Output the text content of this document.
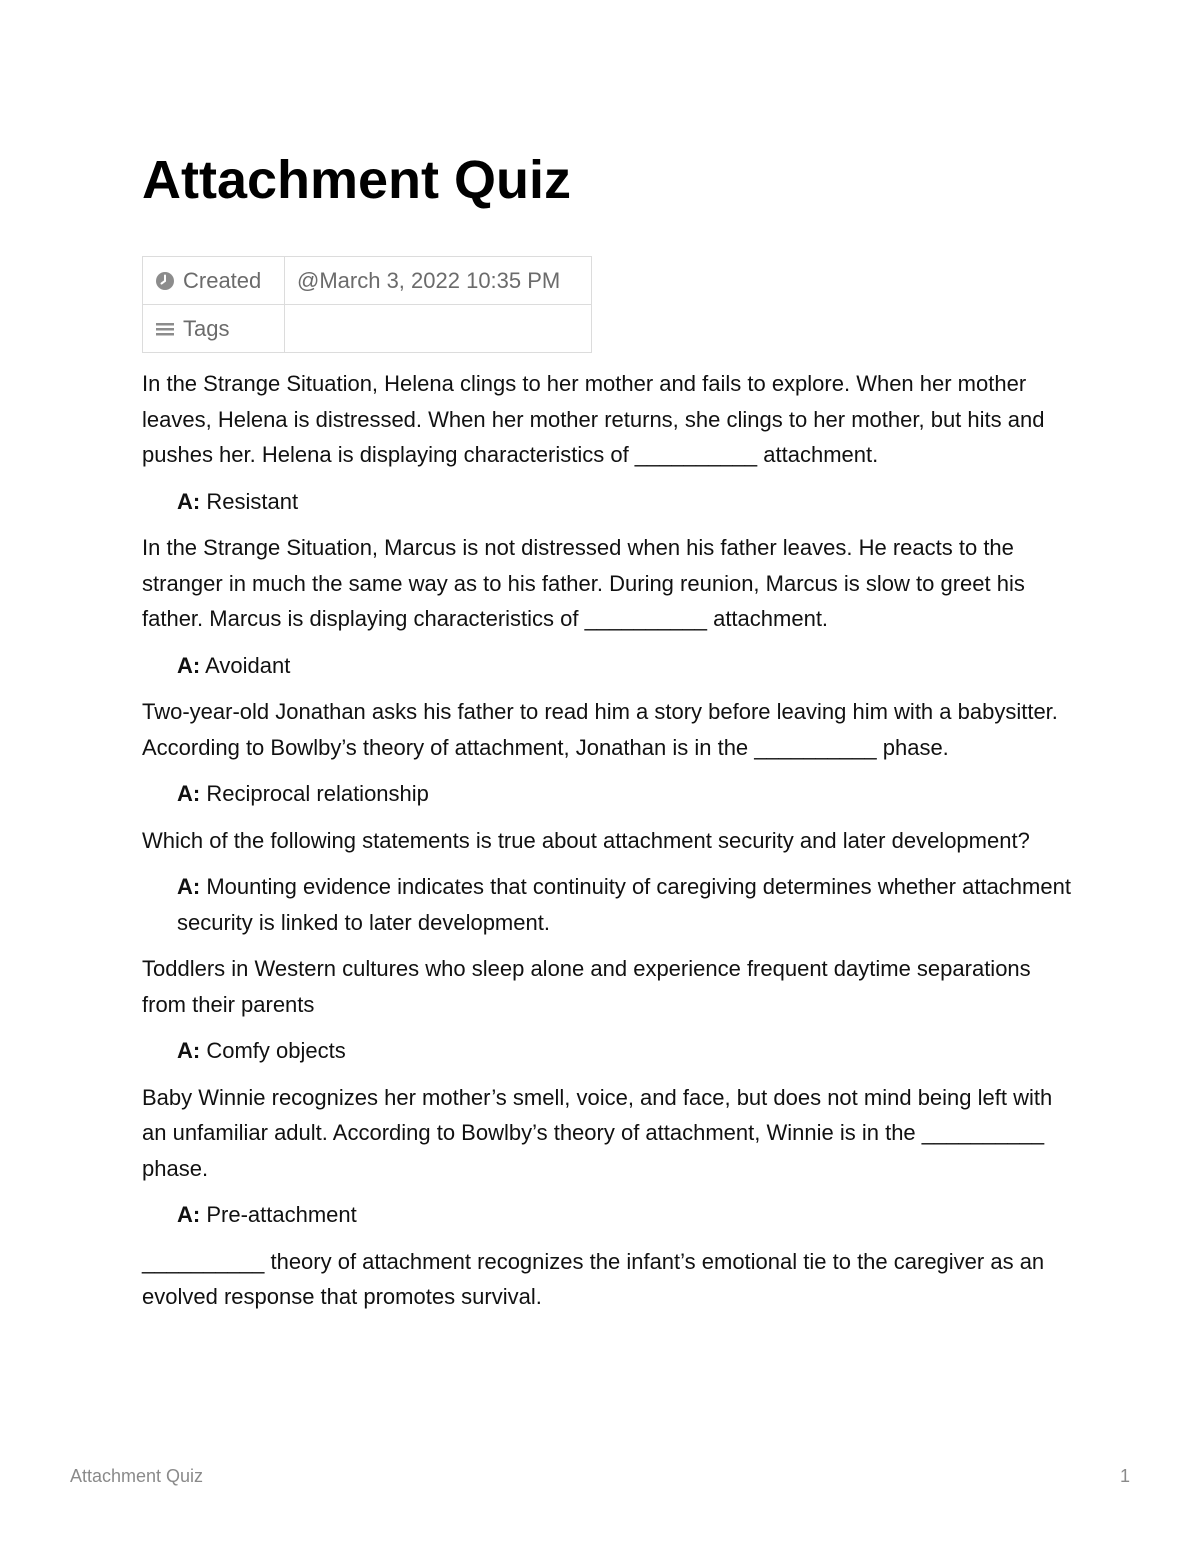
Attachment Quiz
Created	@March 3, 2022 10:35 PM
Tags	

In the Strange Situation, Helena clings to her mother and fails to explore. When her mother leaves, Helena is distressed. When her mother returns, she clings to her mother, but hits and pushes her. Helena is displaying characteristics of __________ attachment.

A: Resistant

In the Strange Situation, Marcus is not distressed when his father leaves. He reacts to the stranger in much the same way as to his father. During reunion, Marcus is slow to greet his father. Marcus is displaying characteristics of __________ attachment.

A: Avoidant

Two-year-old Jonathan asks his father to read him a story before leaving him with a babysitter. According to Bowlby’s theory of attachment, Jonathan is in the __________ phase.

A: Reciprocal relationship

Which of the following statements is true about attachment security and later development?

A: Mounting evidence indicates that continuity of caregiving determines whether attachment security is linked to later development.

Toddlers in Western cultures who sleep alone and experience frequent daytime separations from their parents

A: Comfy objects

Baby Winnie recognizes her mother’s smell, voice, and face, but does not mind being left with an unfamiliar adult. According to Bowlby’s theory of attachment, Winnie is in the __________ phase.

A: Pre-attachment

__________ theory of attachment recognizes the infant’s emotional tie to the caregiver as an evolved response that promotes survival.

Attachment Quiz	1
